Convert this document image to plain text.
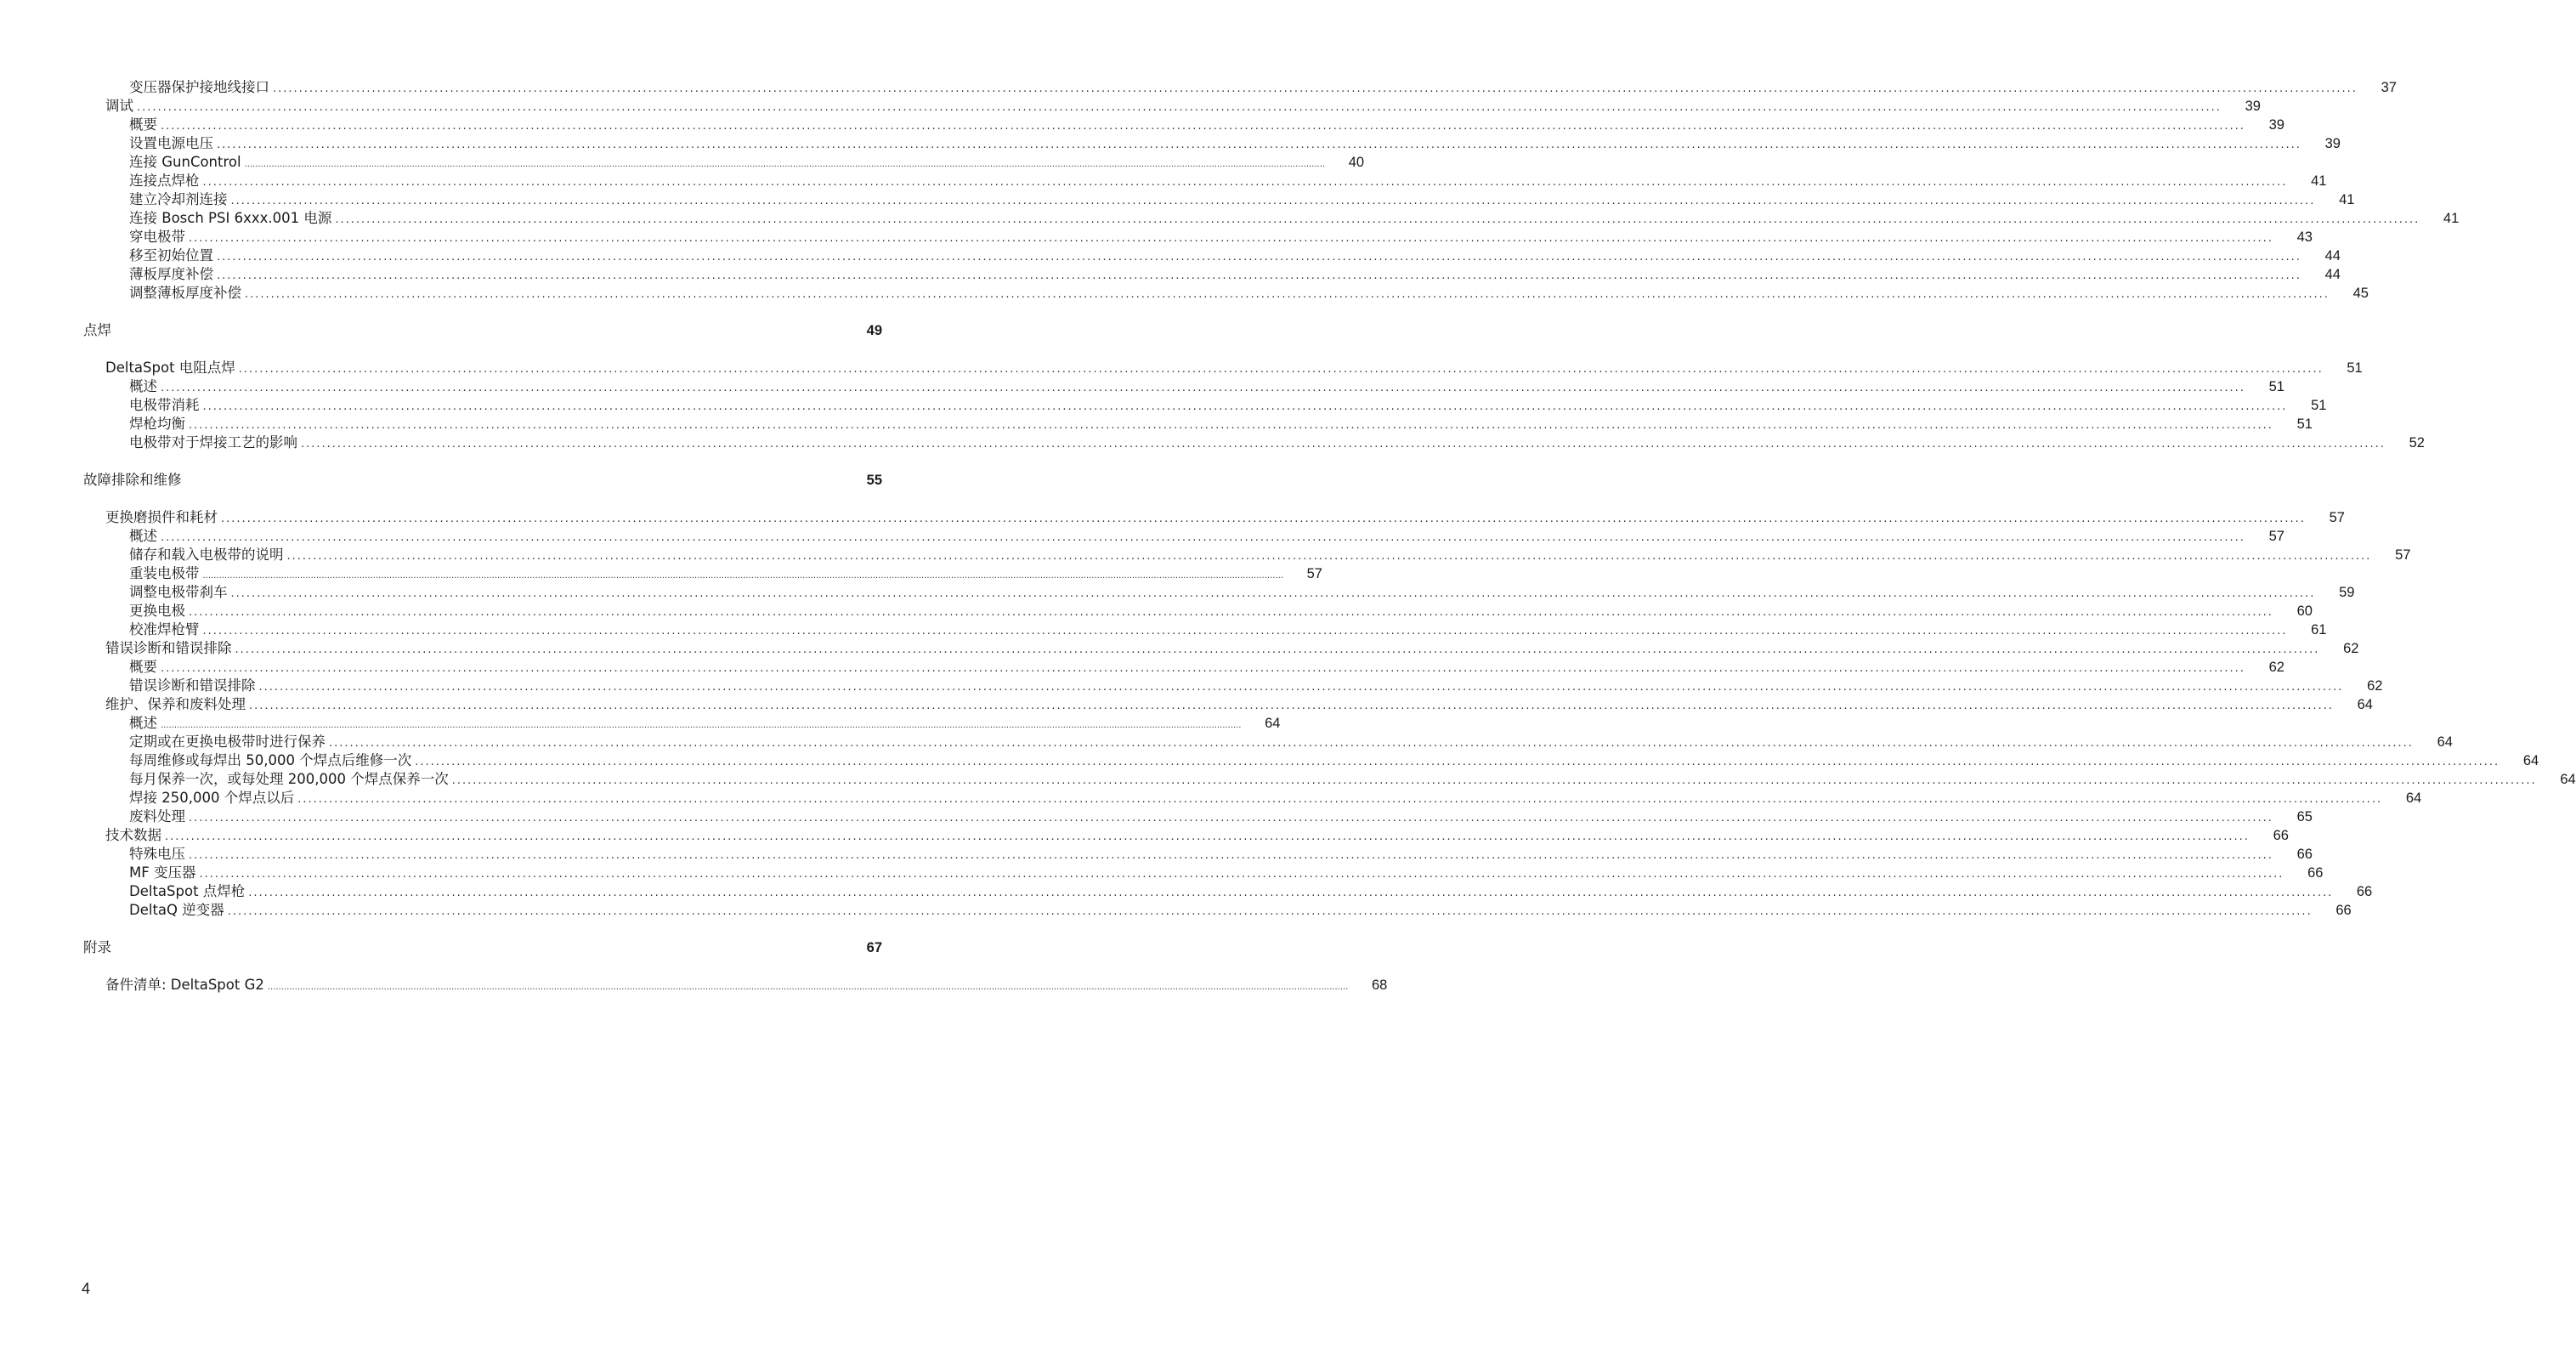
变压器保护接地线接口 ................................................................................................................................................................................................................................................................................................................................................................................................................	37
调试 ................................................................................................................................................................................................................................................................................................................................................................................................................	39
概要 ................................................................................................................................................................................................................................................................................................................................................................................................................	39
设置电源电压 ................................................................................................................................................................................................................................................................................................................................................................................................................	39
连接 GunControl ................................................................................................................................................................................................................................................................................................................................................................................................................	40
连接点焊枪 ................................................................................................................................................................................................................................................................................................................................................................................................................	41
建立冷却剂连接 ................................................................................................................................................................................................................................................................................................................................................................................................................	41
连接 Bosch PSI 6xxx.001 电源 ................................................................................................................................................................................................................................................................................................................................................................................................................	41
穿电极带 ................................................................................................................................................................................................................................................................................................................................................................................................................	43
移至初始位置 ................................................................................................................................................................................................................................................................................................................................................................................................................	44
薄板厚度补偿 ................................................................................................................................................................................................................................................................................................................................................................................................................	44
调整薄板厚度补偿 ................................................................................................................................................................................................................................................................................................................................................................................................................	45
点焊	49
DeltaSpot 电阻点焊 ................................................................................................................................................................................................................................................................................................................................................................................................................	51
概述 ................................................................................................................................................................................................................................................................................................................................................................................................................	51
电极带消耗 ................................................................................................................................................................................................................................................................................................................................................................................................................	51
焊枪均衡 ................................................................................................................................................................................................................................................................................................................................................................................................................	51
电极带对于焊接工艺的影响 ................................................................................................................................................................................................................................................................................................................................................................................................................	52
故障排除和维修	55
更换磨损件和耗材 ................................................................................................................................................................................................................................................................................................................................................................................................................	57
概述 ................................................................................................................................................................................................................................................................................................................................................................................................................	57
储存和载入电极带的说明 ................................................................................................................................................................................................................................................................................................................................................................................................................	57
重装电极带 ................................................................................................................................................................................................................................................................................................................................................................................................................	57
调整电极带刹车 ................................................................................................................................................................................................................................................................................................................................................................................................................	59
更换电极 ................................................................................................................................................................................................................................................................................................................................................................................................................	60
校准焊枪臂 ................................................................................................................................................................................................................................................................................................................................................................................................................	61
错误诊断和错误排除 ................................................................................................................................................................................................................................................................................................................................................................................................................	62
概要 ................................................................................................................................................................................................................................................................................................................................................................................................................	62
错误诊断和错误排除 ................................................................................................................................................................................................................................................................................................................................................................................................................	62
维护、保养和废料处理 ................................................................................................................................................................................................................................................................................................................................................................................................................	64
概述 ................................................................................................................................................................................................................................................................................................................................................................................................................	64
定期或在更换电极带时进行保养 ................................................................................................................................................................................................................................................................................................................................................................................................................	64
每周维修或每焊出 50,000 个焊点后维修一次 ................................................................................................................................................................................................................................................................................................................................................................................................................	64
每月保养一次，或每处理 200,000 个焊点保养一次 ................................................................................................................................................................................................................................................................................................................................................................................................................	64
焊接 250,000 个焊点以后 ................................................................................................................................................................................................................................................................................................................................................................................................................	64
废料处理 ................................................................................................................................................................................................................................................................................................................................................................................................................	65
技术数据 ................................................................................................................................................................................................................................................................................................................................................................................................................	66
特殊电压 ................................................................................................................................................................................................................................................................................................................................................................................................................	66
MF 变压器 ................................................................................................................................................................................................................................................................................................................................................................................................................	66
DeltaSpot 点焊枪 ................................................................................................................................................................................................................................................................................................................................................................................................................	66
DeltaQ 逆变器 ................................................................................................................................................................................................................................................................................................................................................................................................................	66
附录	67
备件清单: DeltaSpot G2 ................................................................................................................................................................................................................................................................................................................................................................................................................	68
4
